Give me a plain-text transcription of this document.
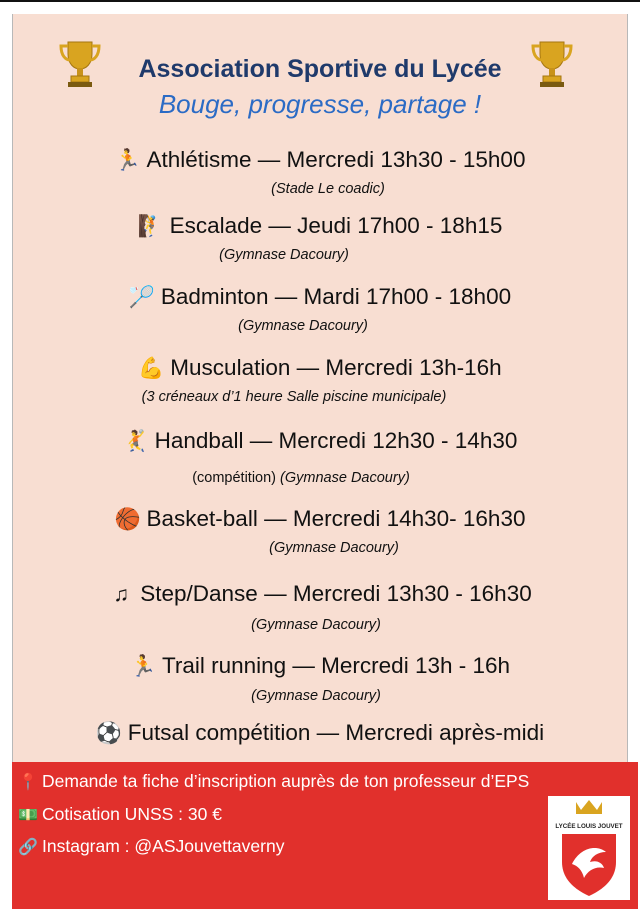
Association Sportive du Lycée
Bouge, progresse, partage !
🏃 Athlétisme — Mercredi 13h30 - 15h00
(Stade Le coadic)
🧗 Escalade — Jeudi 17h00 - 18h15
(Gymnase Dacoury)
🏸 Badminton — Mardi 17h00 - 18h00
(Gymnase Dacoury)
💪 Musculation — Mercredi 13h-16h
(3 créneaux d’1 heure Salle piscine municipale)
🤾 Handball — Mercredi 12h30 - 14h30
(compétition) (Gymnase Dacoury)
🏀 Basket-ball — Mercredi 14h30- 16h30
(Gymnase Dacoury)
♫ Step/Danse — Mercredi 13h30 - 16h30
(Gymnase Dacoury)
🏃 Trail running — Mercredi 13h - 16h
(Gymnase Dacoury)
⚽ Futsal compétition — Mercredi après-midi
📍 Demande ta fiche d’inscription auprès de ton professeur d’EPS
💵 Cotisation UNSS : 30 €
🔗 Instagram : @ASJouvettaverny
LYCÉE LOUIS JOUVET
